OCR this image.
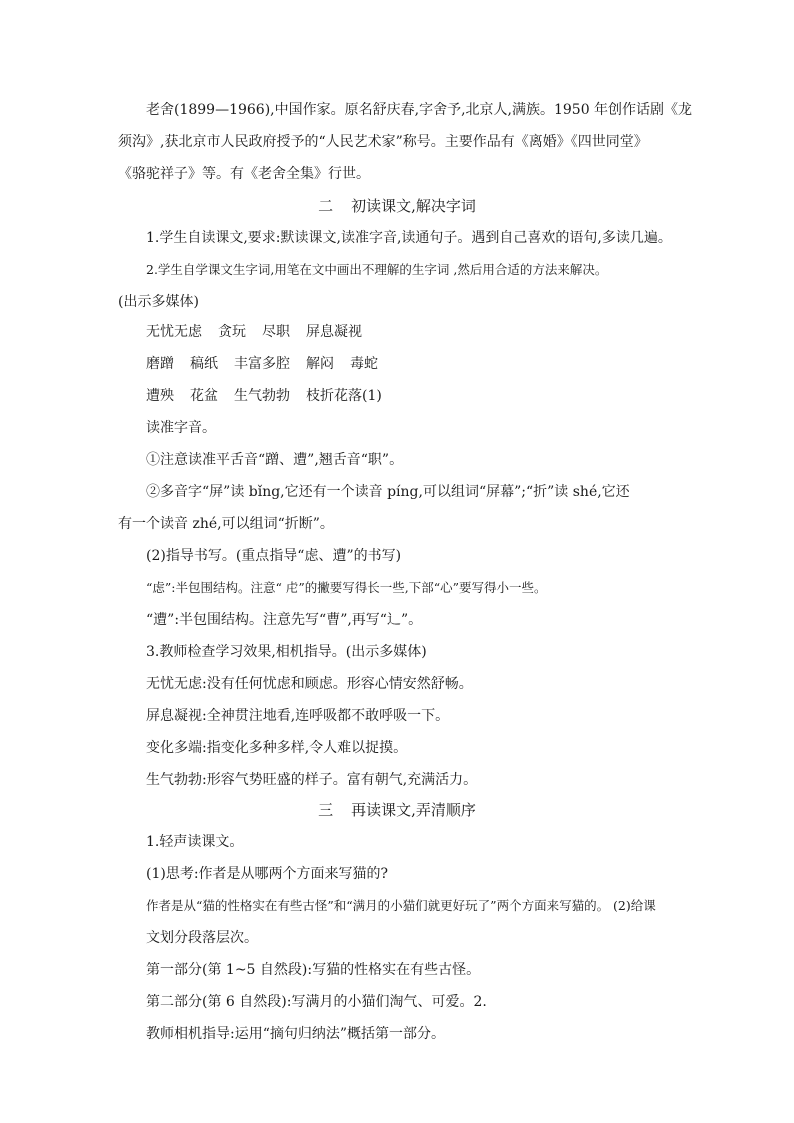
老舍(1899—1966),中国作家。原名舒庆春,字舍予,北京人,满族。1950 年创作话剧《龙
须沟》,获北京市人民政府授予的“人民艺术家”称号。主要作品有《离婚》《四世同堂》
《骆驼祥子》等。有《老舍全集》行世。
二 初读课文,解决字词
1.学生自读课文,要求:默读课文,读准字音,读通句子。遇到自己喜欢的语句,多读几遍。
2.学生自学课文生字词,用笔在文中画出不理解的生字词 ,然后用合适的方法来解决。
(出示多媒体)
无忧无虑 贪玩 尽职 屏息凝视
磨蹭 稿纸 丰富多腔 解闷 毒蛇
遭殃 花盆 生气勃勃 枝折花落(1)
读准字音。
①注意读准平舌音“蹭、遭”,翘舌音“职”。
②多音字“屏”读 bǐng,它还有一个读音 píng,可以组词“屏幕”;“折”读 shé,它还
有一个读音 zhé,可以组词“折断”。
(2)指导书写。(重点指导“虑、遭”的书写)
“虑”:半包围结构。注意“ 虍”的撇要写得长一些,下部“心”要写得小一些。
“遭”:半包围结构。注意先写“曹”,再写“辶”。
3.教师检查学习效果,相机指导。(出示多媒体)
无忧无虑:没有任何忧虑和顾虑。形容心情安然舒畅。
屏息凝视:全神贯注地看,连呼吸都不敢呼吸一下。
变化多端:指变化多种多样,令人难以捉摸。
生气勃勃:形容气势旺盛的样子。富有朝气,充满活力。
三 再读课文,弄清顺序
1.轻声读课文。
(1)思考:作者是从哪两个方面来写猫的?
作者是从“猫的性格实在有些古怪”和“满月的小猫们就更好玩了”两个方面来写猫的。 (2)给课
文划分段落层次。
第一部分(第 1~5 自然段):写猫的性格实在有些古怪。
第二部分(第 6 自然段):写满月的小猫们淘气、可爱。2.
教师相机指导:运用“摘句归纳法”概括第一部分。
